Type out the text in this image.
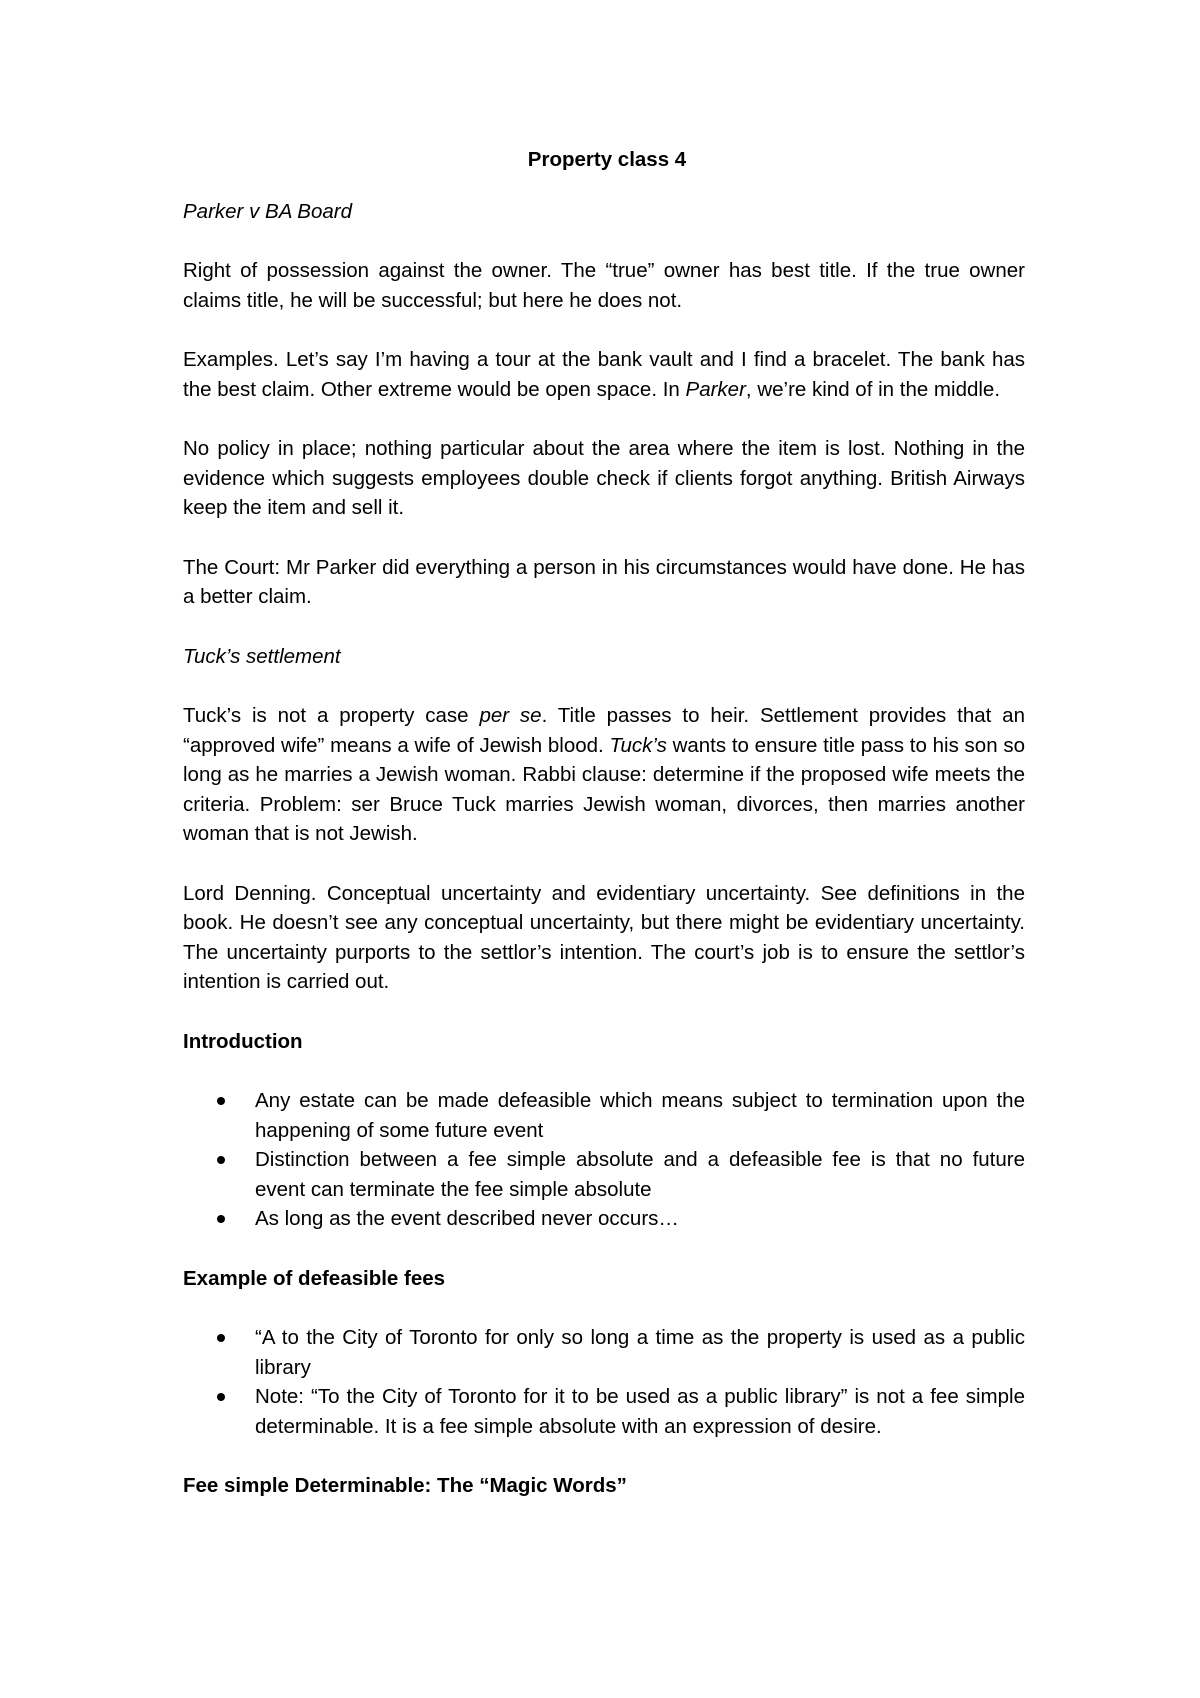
Property class 4

Parker v BA Board

Right of possession against the owner. The “true” owner has best title. If the true owner claims title, he will be successful; but here he does not.

Examples. Let’s say I’m having a tour at the bank vault and I find a bracelet. The bank has the best claim. Other extreme would be open space. In Parker, we’re kind of in the middle.

No policy in place; nothing particular about the area where the item is lost. Nothing in the evidence which suggests employees double check if clients forgot anything. British Airways keep the item and sell it.

The Court: Mr Parker did everything a person in his circumstances would have done. He has a better claim.

Tuck’s settlement

Tuck’s is not a property case per se. Title passes to heir. Settlement provides that an “approved wife” means a wife of Jewish blood. Tuck’s wants to ensure title pass to his son so long as he marries a Jewish woman. Rabbi clause: determine if the proposed wife meets the criteria. Problem: ser Bruce Tuck marries Jewish woman, divorces, then marries another woman that is not Jewish.

Lord Denning. Conceptual uncertainty and evidentiary uncertainty. See definitions in the book. He doesn’t see any conceptual uncertainty, but there might be evidentiary uncertainty. The uncertainty purports to the settlor’s intention. The court’s job is to ensure the settlor’s intention is carried out.

Introduction

Any estate can be made defeasible which means subject to termination upon the happening of some future event
Distinction between a fee simple absolute and a defeasible fee is that no future event can terminate the fee simple absolute
As long as the event described never occurs…

Example of defeasible fees

“A to the City of Toronto for only so long a time as the property is used as a public library
Note: “To the City of Toronto for it to be used as a public library” is not a fee simple determinable. It is a fee simple absolute with an expression of desire.

Fee simple Determinable: The “Magic Words”
